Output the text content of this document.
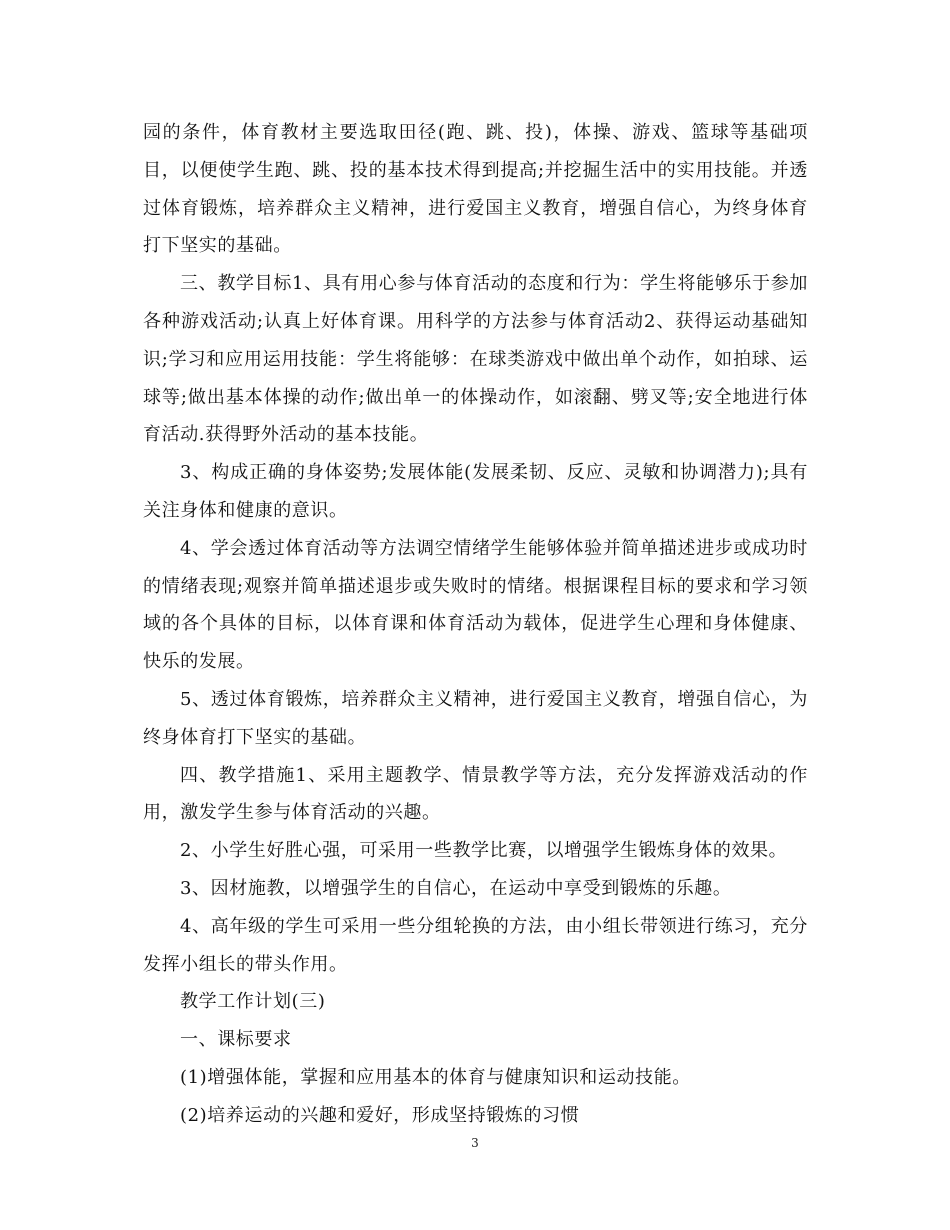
园的条件，体育教材主要选取田径(跑、跳、投)，体操、游戏、篮球等基础项目，以便使学生跑、跳、投的基本技术得到提高;并挖掘生活中的实用技能。并透过体育锻炼，培养群众主义精神，进行爱国主义教育，增强自信心，为终身体育打下坚实的基础。

三、教学目标1、具有用心参与体育活动的态度和行为：学生将能够乐于参加各种游戏活动;认真上好体育课。用科学的方法参与体育活动2、获得运动基础知识;学习和应用运用技能：学生将能够：在球类游戏中做出单个动作，如拍球、运球等;做出基本体操的动作;做出单一的体操动作，如滚翻、劈叉等;安全地进行体育活动.获得野外活动的基本技能。

3、构成正确的身体姿势;发展体能(发展柔韧、反应、灵敏和协调潜力);具有关注身体和健康的意识。

4、学会透过体育活动等方法调空情绪学生能够体验并简单描述进步或成功时的情绪表现;观察并简单描述退步或失败时的情绪。根据课程目标的要求和学习领域的各个具体的目标，以体育课和体育活动为载体，促进学生心理和身体健康、快乐的发展。

5、透过体育锻炼，培养群众主义精神，进行爱国主义教育，增强自信心，为终身体育打下坚实的基础。

四、教学措施1、采用主题教学、情景教学等方法，充分发挥游戏活动的作用，激发学生参与体育活动的兴趣。

2、小学生好胜心强，可采用一些教学比赛，以增强学生锻炼身体的效果。

3、因材施教，以增强学生的自信心，在运动中享受到锻炼的乐趣。

4、高年级的学生可采用一些分组轮换的方法，由小组长带领进行练习，充分发挥小组长的带头作用。

教学工作计划(三)

一、课标要求

(1)增强体能，掌握和应用基本的体育与健康知识和运动技能。

(2)培养运动的兴趣和爱好，形成坚持锻炼的习惯

3
